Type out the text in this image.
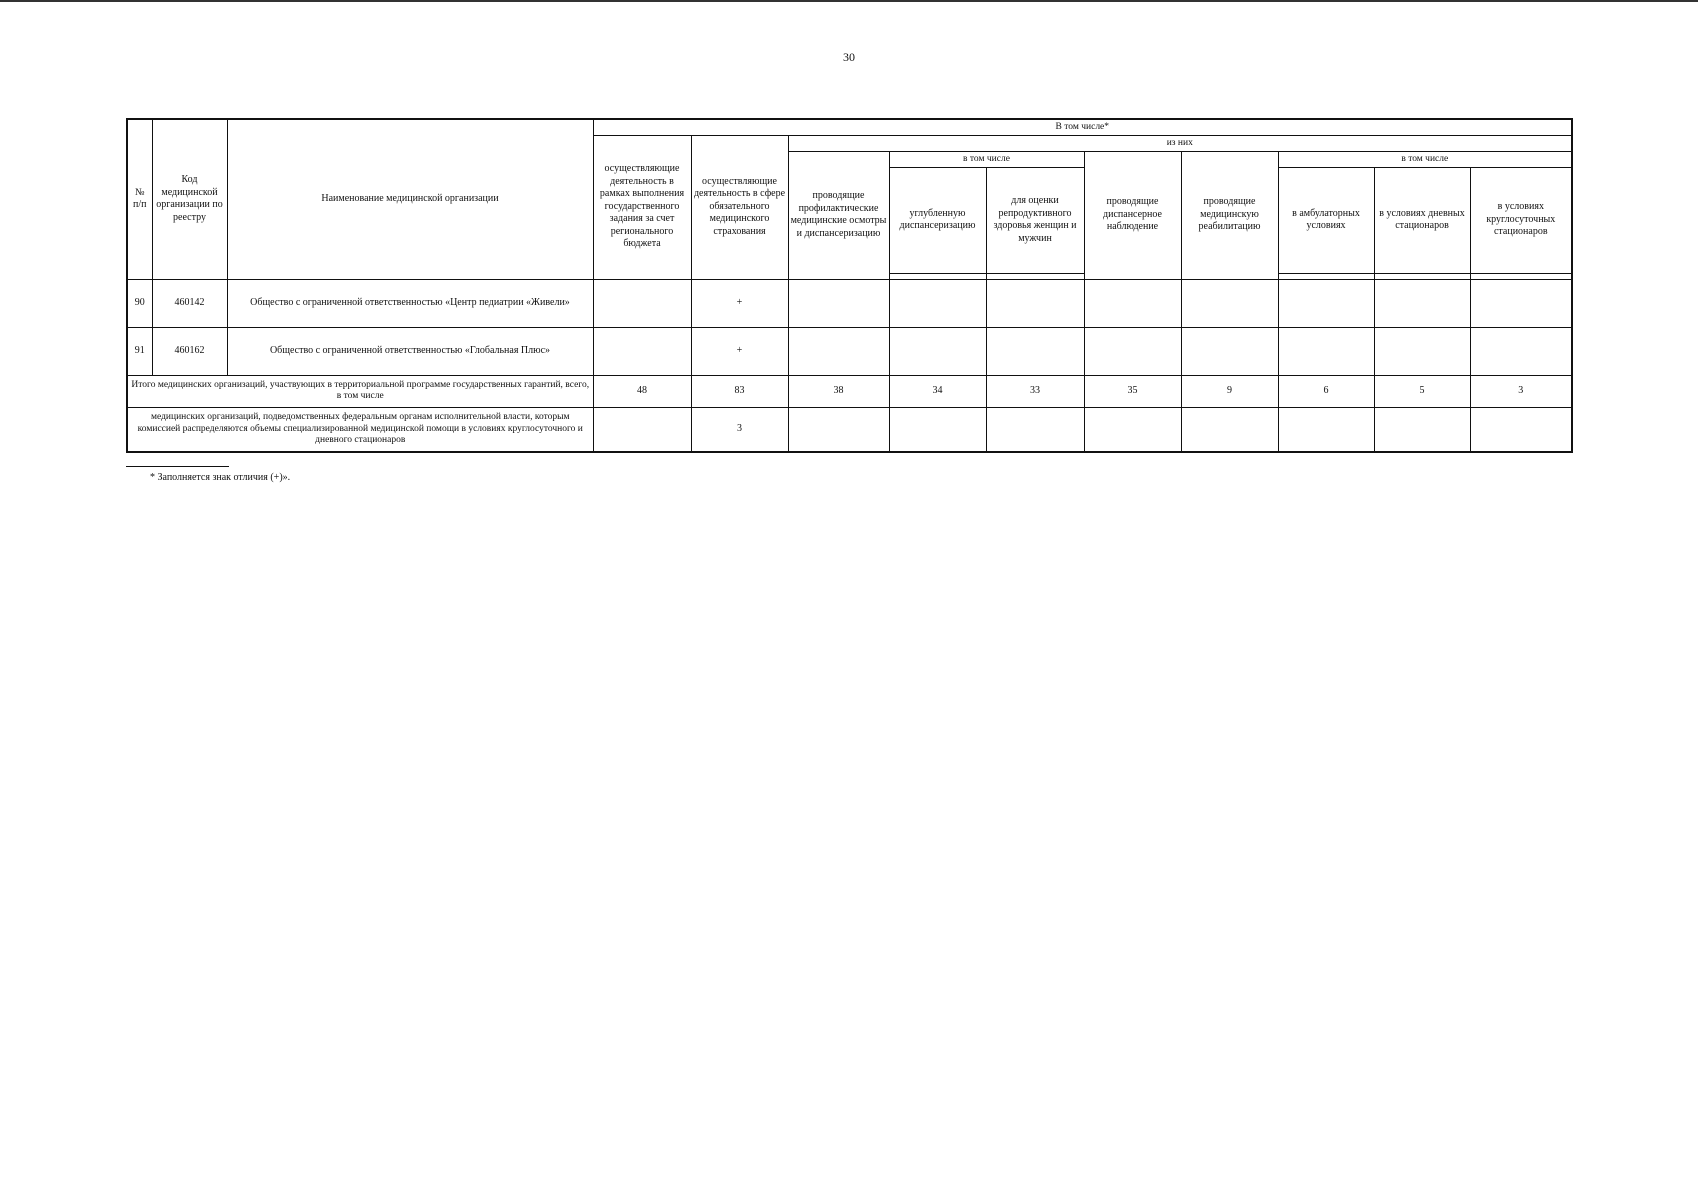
30
№ п/п	Код медицинской организации по реестру	Наименование медицинской организации	В том числе*										
			осуществляющие деятельность в рамках выполнения государственного задания за счет регионального бюджета	осуществляющие деятельность в сфере обязательного медицинского страхования	из них								
					проводящие профилактические медицинские осмотры и диспансеризацию	в том числе		проводящие диспансерное наблюдение	проводящие медицинскую реабилитацию	в том числе			
						углубленную диспансеризацию	для оценки репродуктивного здоровья женщин и мужчин			в амбулаторных условиях	в условиях дневных стационаров	в условиях круглосуточных стационаров	

90	460142	Общество с ограниченной ответственностью «Центр педиатрии «Живели»		+									
91	460162	Общество с ограниченной ответственностью «Глобальная Плюс»		+									
Итого медицинских организаций, участвующих в территориальной программе государственных гарантий, всего, в том числе			48	83	38	34	33	35	9	6	5	3	
медицинских организаций, подведомственных федеральным органам исполнительной власти, которым комиссией распределяются объемы специализированной медицинской помощи в условиях круглосуточного и дневного стационаров				3									
* Заполняется знак отличия (+)».
